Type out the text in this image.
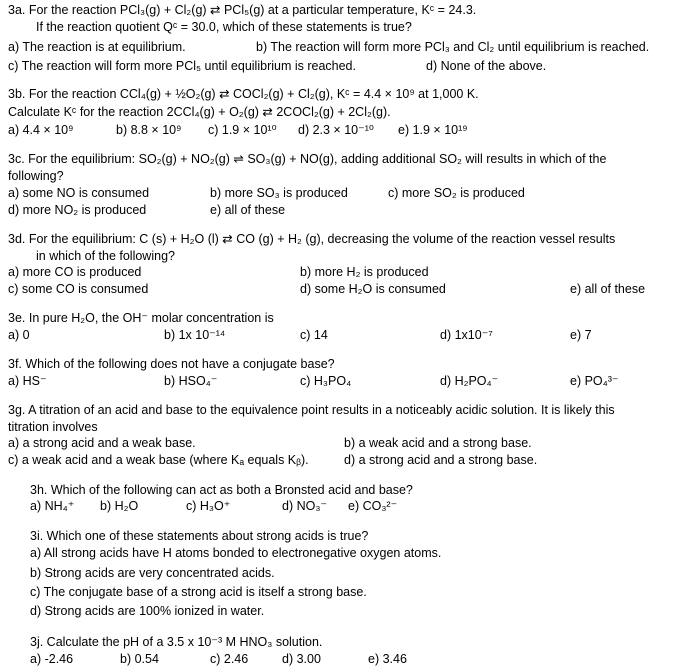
3a. For the reaction PCl₃(g) + Cl₂(g) ⇄ PCl₅(g) at a particular temperature, Kᶜ = 24.3.
If the reaction quotient Qᶜ = 30.0, which of these statements is true?
a) The reaction is at equilibrium.	b) The reaction will form more PCl₃ and Cl₂ until equilibrium is reached.
c) The reaction will form more PCl₅ until equilibrium is reached.	d) None of the above.
3b. For the reaction CCl₄(g) + ½O₂(g) ⇄ COCl₂(g) + Cl₂(g), Kᶜ = 4.4 × 10⁹ at 1,000 K.
Calculate Kᶜ for the reaction 2CCl₄(g) + O₂(g) ⇄ 2COCl₂(g) + 2Cl₂(g).
a) 4.4 × 10⁹	b) 8.8 × 10⁹ c) 1.9 × 10¹⁰ d) 2.3 × 10⁻¹⁰ e) 1.9 × 10¹⁹
3c. For the equilibrium: SO₂(g) + NO₂(g) ⇌ SO₃(g) + NO(g), adding additional SO₂ will results in which of the
following?
a) some NO is consumed	b) more SO₃ is produced	c) more SO₂ is produced
d) more NO₂ is produced	e) all of these
3d. For the equilibrium: C (s) + H₂O (l) ⇄ CO (g) + H₂ (g), decreasing the volume of the reaction vessel results
in which of the following?
a) more CO is produced	b) more H₂ is produced
c) some CO is consumed	d) some H₂O is consumed	e) all of these
3e. In pure H₂O, the OH⁻ molar concentration is
a) 0	b) 1x 10⁻¹⁴	c) 14	d) 1x10⁻⁷	e) 7
3f. Which of the following does not have a conjugate base?
a) HS⁻	b) HSO₄⁻	c) H₃PO₄	d) H₂PO₄⁻	e) PO₄³⁻
3g. A titration of an acid and base to the equivalence point results in a noticeably acidic solution. It is likely this
titration involves
a) a strong acid and a weak base.	b) a weak acid and a strong base.
c) a weak acid and a weak base (where Kₐ equals Kᵦ).	d) a strong acid and a strong base.
3h. Which of the following can act as both a Bronsted acid and base?
a) NH₄⁺ b) H₂O	c) H₃O⁺	d) NO₃⁻ e) CO₃²⁻
3i. Which one of these statements about strong acids is true?
a) All strong acids have H atoms bonded to electronegative oxygen atoms.
b) Strong acids are very concentrated acids.
c) The conjugate base of a strong acid is itself a strong base.
d) Strong acids are 100% ionized in water.
3j. Calculate the pH of a 3.5 x 10⁻³ M HNO₃ solution.
a) -2.46	b) 0.54	c) 2.46	d) 3.00	e) 3.46
